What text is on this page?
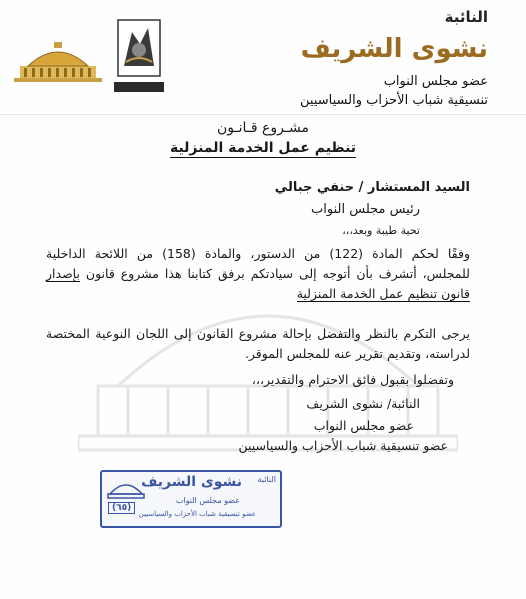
النائبة
نشوى الشريف
عضو مجلس النواب
تنسيقية شباب الأحزاب والسياسيين
مشـروع قـانـون
تنظيم عمل الخدمة المنزلية
السيد المستشار / حنفي جبالي
رئيس مجلس النواب
تحية طيبة وبعد،،،
وفقًا لحكم المادة (122) من الدستور، والمادة (158) من اللائحة الداخلية للمجلس، أتشرف بأن أتوجه إلى سيادتكم برفق كتابنا هذا مشروع قانون بإصدار قانون تنظيم عمل الخدمة المنزلية
يرجى التكرم بالنظر والتفضل بإحالة مشروع القانون إلى اللجان النوعية المختصة لدراسته، وتقديم تقرير عنه للمجلس الموقر.
وتفضلوا بقبول فائق الاحترام والتقدير،،،
النائبة/ نشوى الشريف
عضو مجلس النواب
عضو تنسيقية شباب الأحزاب والسياسيين
النائبة
نشوى الشريف
عضو مجلس النواب
عضو تنسيقية شباب الأحزاب والسياسيين
(٦٥)
